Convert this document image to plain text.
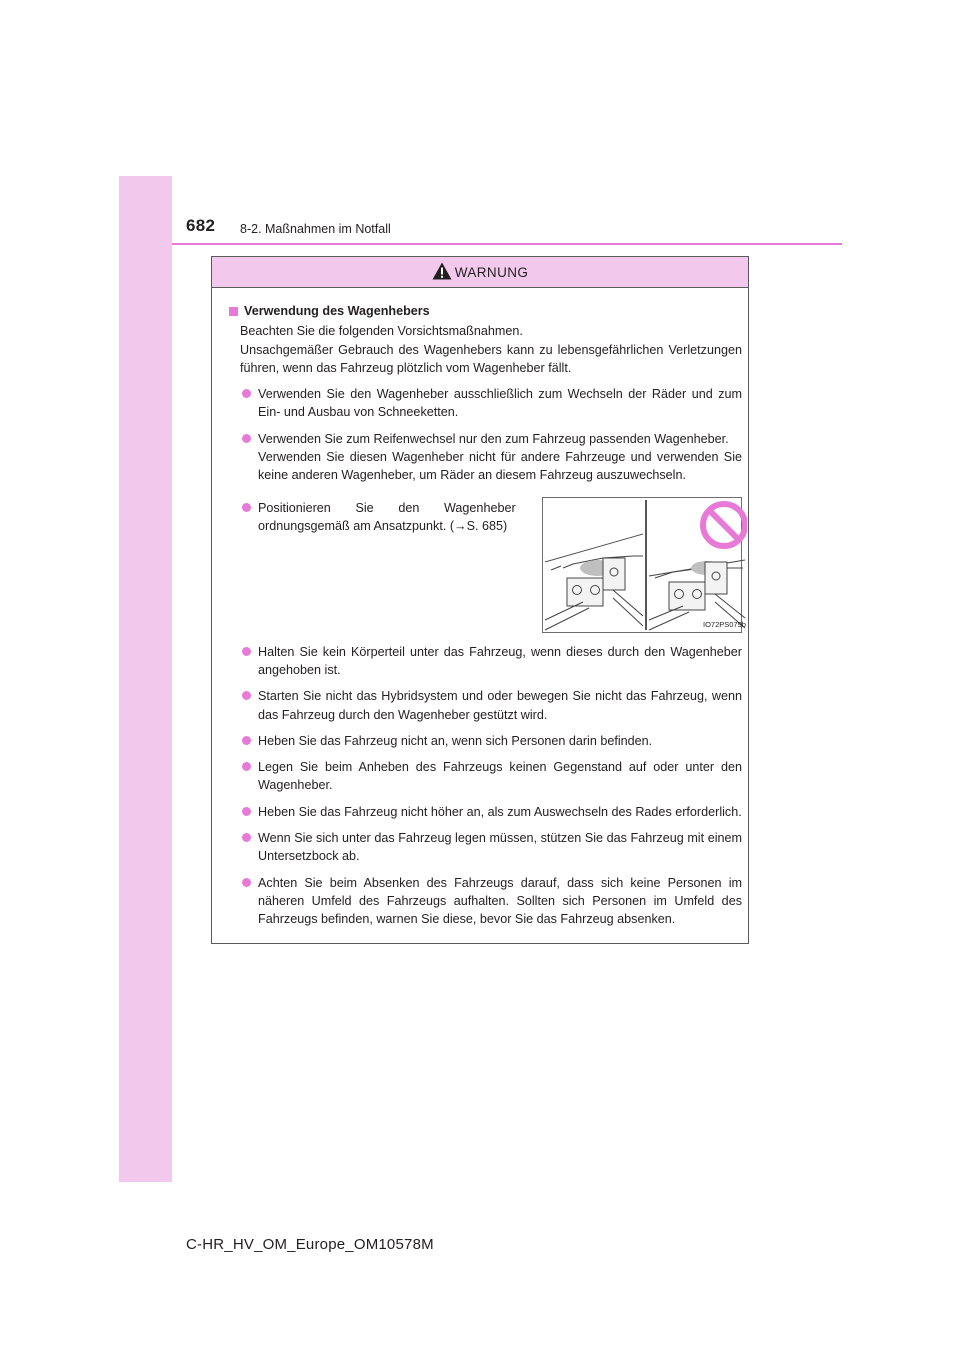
682 8-2. Maßnahmen im Notfall
WARNUNG
Verwendung des Wagenhebers

Beachten Sie die folgenden Vorsichtsmaßnahmen.

Unsachgemäßer Gebrauch des Wagenhebers kann zu lebensgefährlichen Verletzungen führen, wenn das Fahrzeug plötzlich vom Wagenheber fällt.

Verwenden Sie den Wagenheber ausschließlich zum Wechseln der Räder und zum Ein- und Ausbau von Schneeketten.
Verwenden Sie zum Reifenwechsel nur den zum Fahrzeug passenden Wagenheber.
Verwenden Sie diesen Wagenheber nicht für andere Fahrzeuge und verwenden Sie keine anderen Wagenheber, um Räder an diesem Fahrzeug auszuwechseln.
Positionieren Sie den Wagenheber ordnungsgemäß am Ansatzpunkt. (→S. 685)
IO72PS079b
Halten Sie kein Körperteil unter das Fahrzeug, wenn dieses durch den Wagenheber angehoben ist.
Starten Sie nicht das Hybridsystem und oder bewegen Sie nicht das Fahrzeug, wenn das Fahrzeug durch den Wagenheber gestützt wird.
Heben Sie das Fahrzeug nicht an, wenn sich Personen darin befinden.
Legen Sie beim Anheben des Fahrzeugs keinen Gegenstand auf oder unter den Wagenheber.
Heben Sie das Fahrzeug nicht höher an, als zum Auswechseln des Rades erforderlich.
Wenn Sie sich unter das Fahrzeug legen müssen, stützen Sie das Fahrzeug mit einem Untersetzbock ab.
Achten Sie beim Absenken des Fahrzeugs darauf, dass sich keine Personen im näheren Umfeld des Fahrzeugs aufhalten. Sollten sich Personen im Umfeld des Fahrzeugs befinden, warnen Sie diese, bevor Sie das Fahrzeug absenken.
C-HR_HV_OM_Europe_OM10578M
